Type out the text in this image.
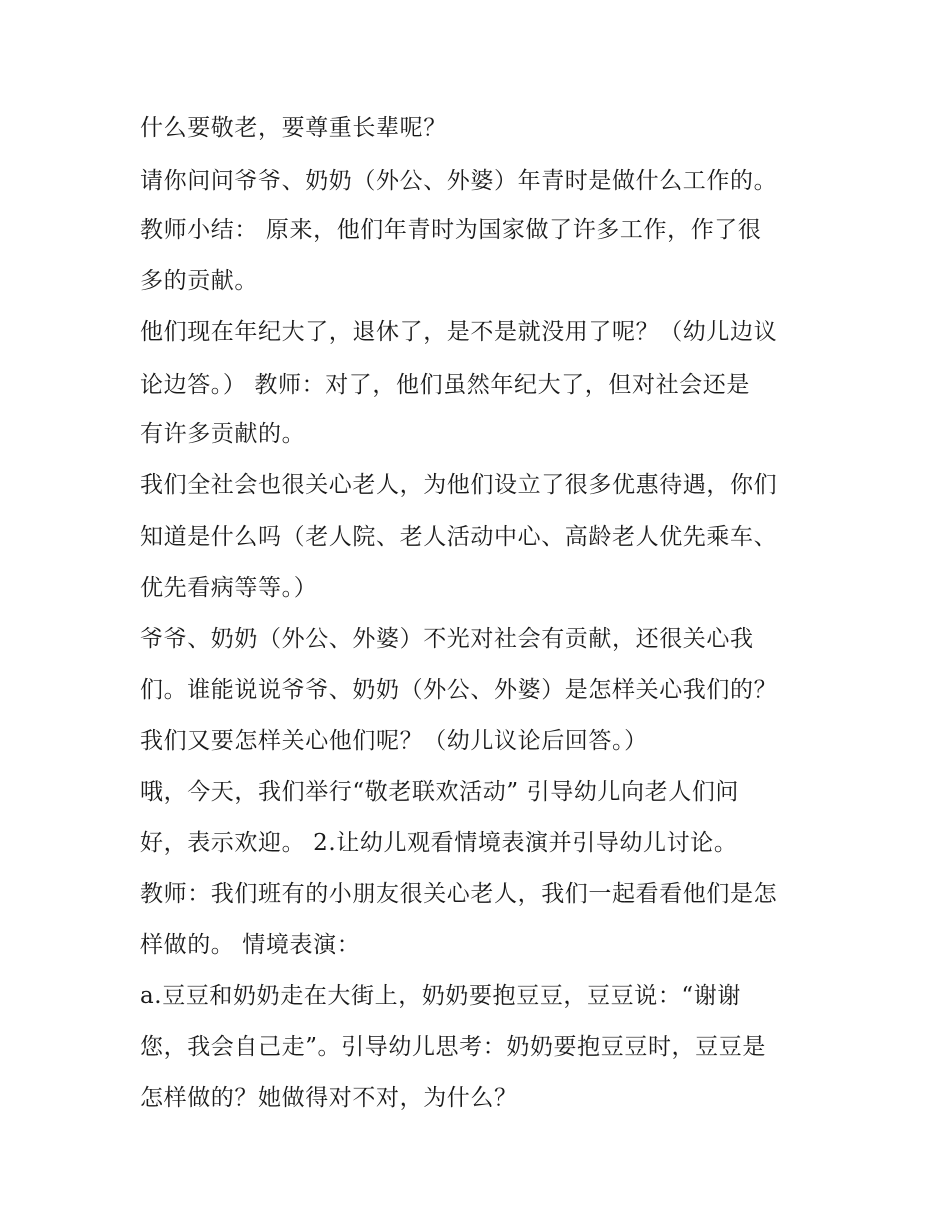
什么要敬老，要尊重长辈呢？
请你问问爷爷、奶奶（外公、外婆）年青时是做什么工作的。
教师小结： 原来，他们年青时为国家做了许多工作，作了很
多的贡献。
他们现在年纪大了，退休了，是不是就没用了呢？（幼儿边议
论边答。） 教师：对了，他们虽然年纪大了，但对社会还是
有许多贡献的。
我们全社会也很关心老人，为他们设立了很多优惠待遇，你们
知道是什么吗（老人院、老人活动中心、高龄老人优先乘车、
优先看病等等。）
爷爷、奶奶（外公、外婆）不光对社会有贡献，还很关心我
们。谁能说说爷爷、奶奶（外公、外婆）是怎样关心我们的？
我们又要怎样关心他们呢？（幼儿议论后回答。）
哦，今天，我们举行“敬老联欢活动” 引导幼儿向老人们问
好，表示欢迎。 2.让幼儿观看情境表演并引导幼儿讨论。
教师：我们班有的小朋友很关心老人，我们一起看看他们是怎
样做的。 情境表演：
a.豆豆和奶奶走在大街上，奶奶要抱豆豆，豆豆说：“谢谢
您，我会自己走”。引导幼儿思考：奶奶要抱豆豆时，豆豆是
怎样做的？她做得对不对，为什么？
